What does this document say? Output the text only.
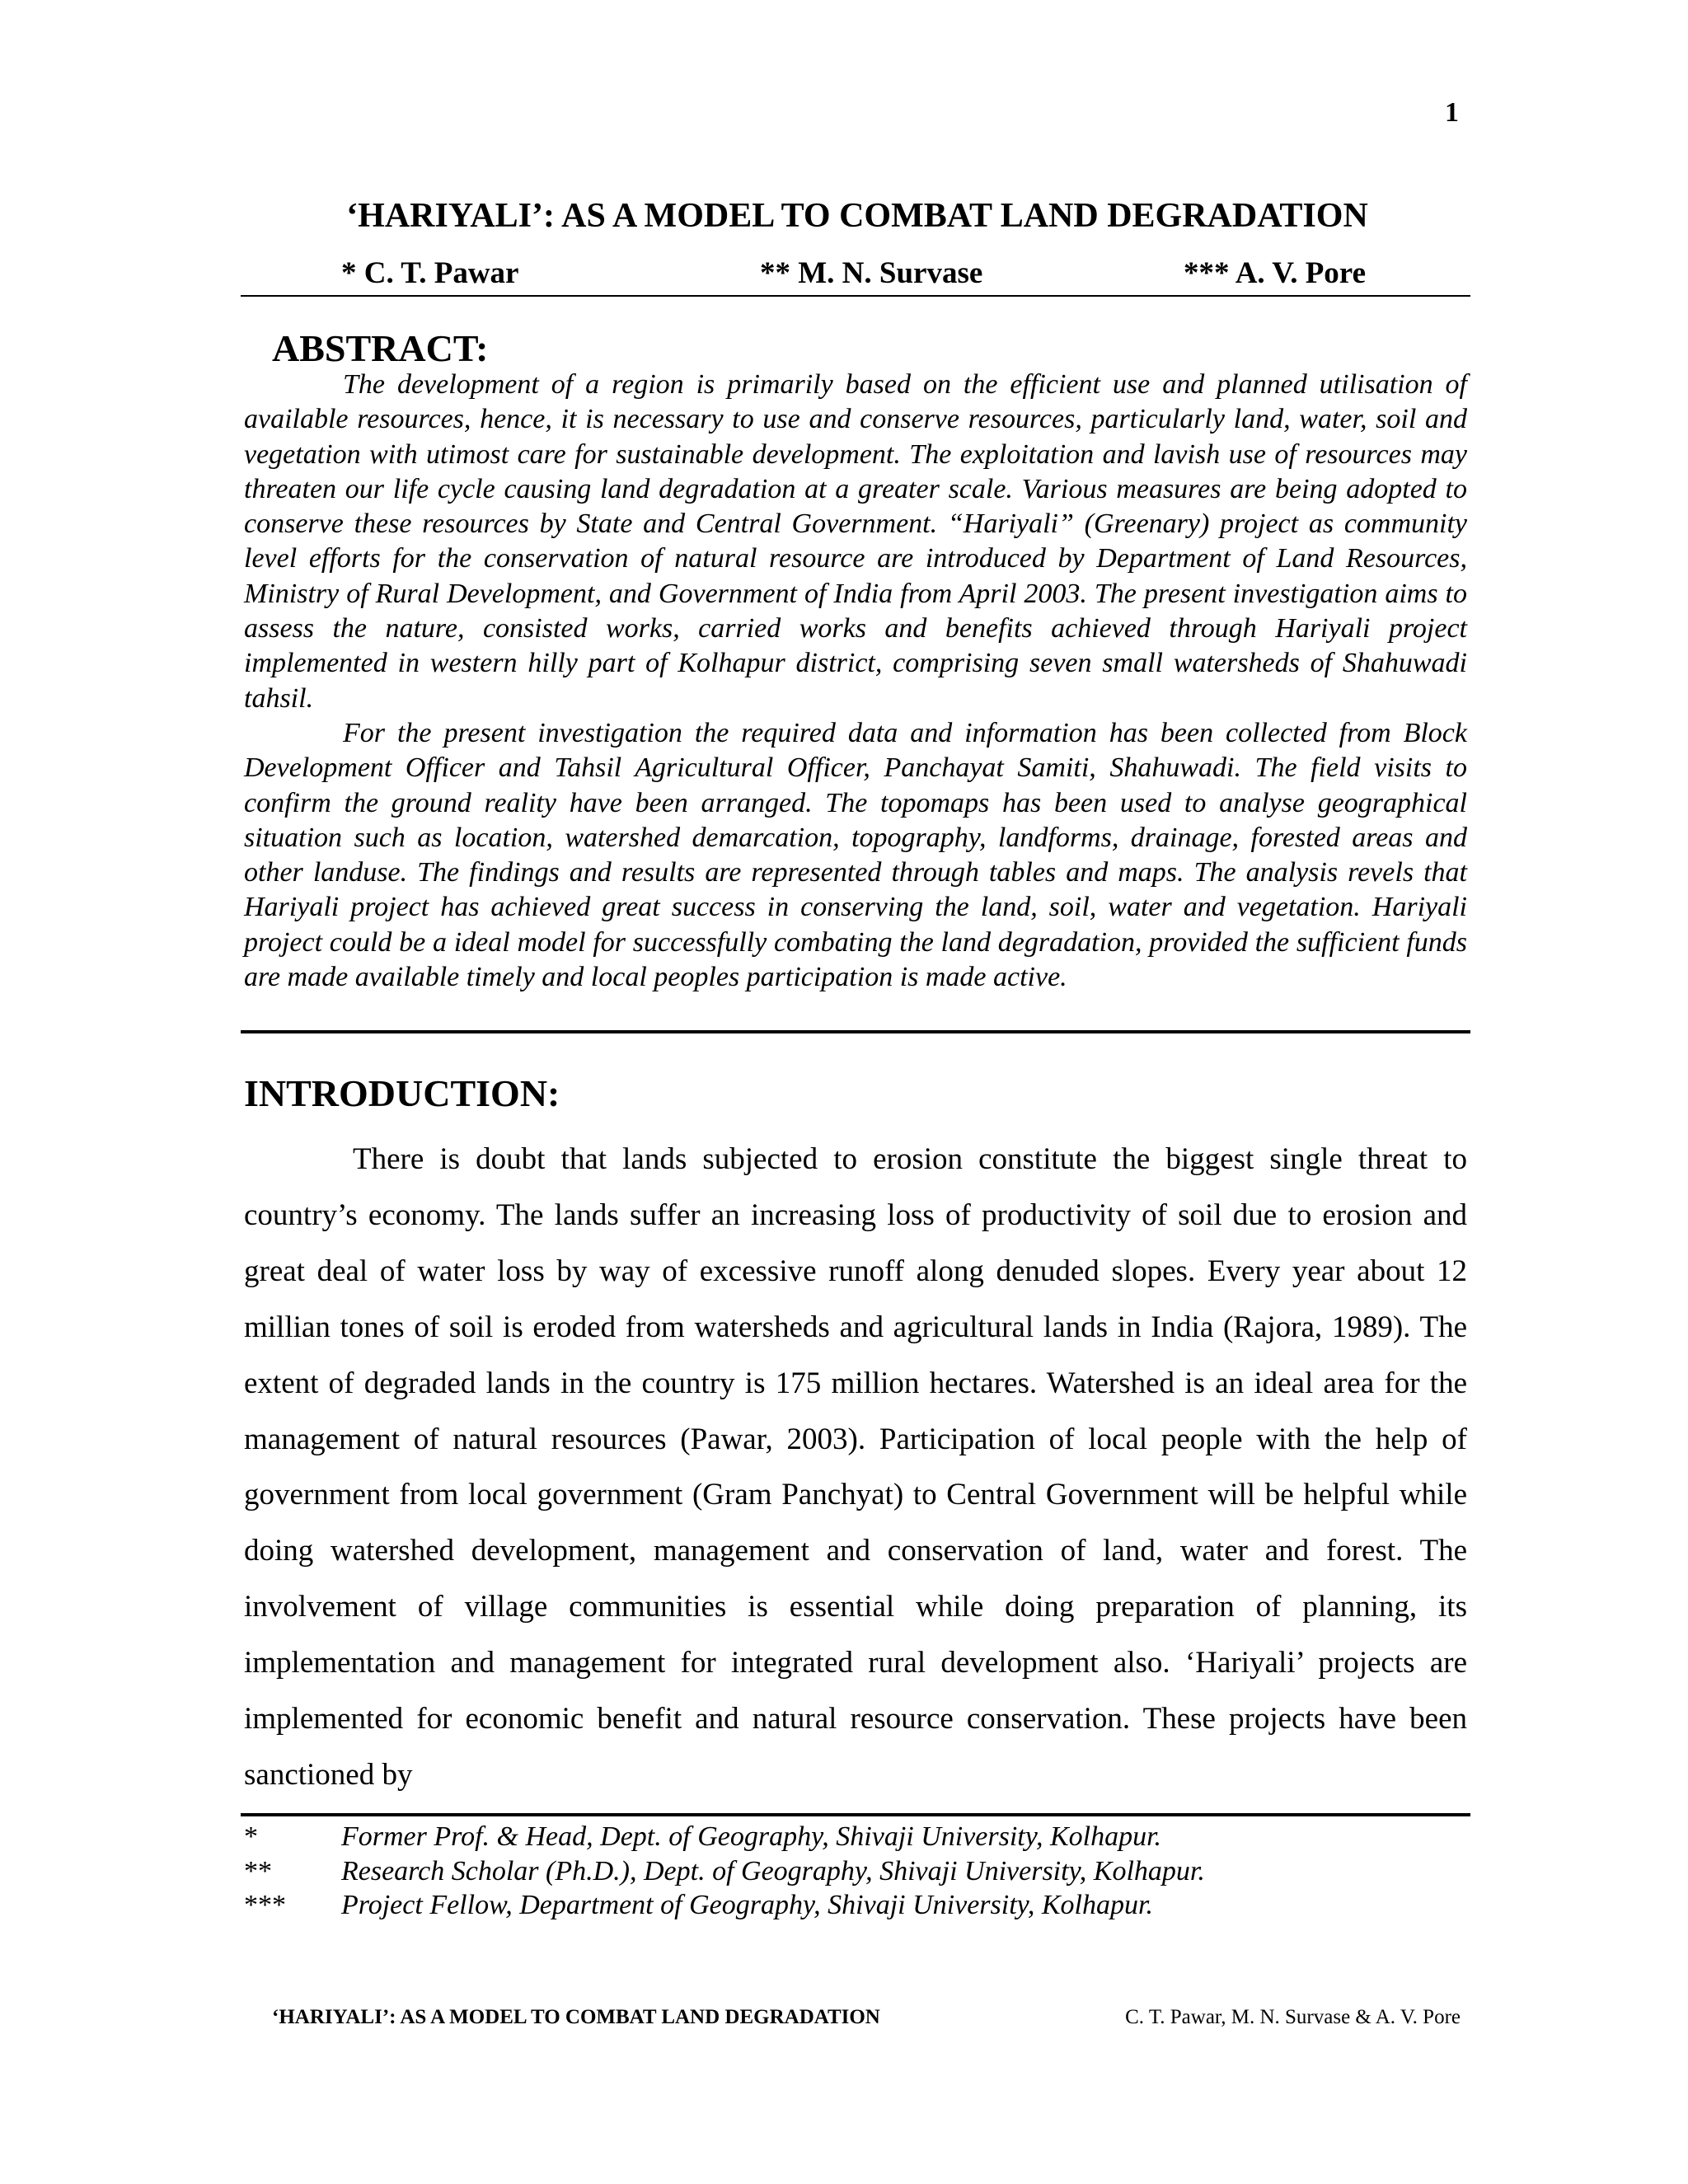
1
‘HARIYALI’: AS A MODEL TO COMBAT LAND DEGRADATION
* C. T. Pawar	** M. N. Survase	*** A. V. Pore
ABSTRACT:

The development of a region is primarily based on the efficient use and planned utilisation of available resources, hence, it is necessary to use and conserve resources, particularly land, water, soil and vegetation with utimost care for sustainable development. The exploitation and lavish use of resources may threaten our life cycle causing land degradation at a greater scale. Various measures are being adopted to conserve these resources by State and Central Government. “Hariyali” (Greenary) project as community level efforts for the conservation of natural resource are introduced by Department of Land Resources, Ministry of Rural Development, and Government of India from April 2003. The present investigation aims to assess the nature, consisted works, carried works and benefits achieved through Hariyali project implemented in western hilly part of Kolhapur district, comprising seven small watersheds of Shahuwadi tahsil.

For the present investigation the required data and information has been collected from Block Development Officer and Tahsil Agricultural Officer, Panchayat Samiti, Shahuwadi. The field visits to confirm the ground reality have been arranged. The topomaps has been used to analyse geographical situation such as location, watershed demarcation, topography, landforms, drainage, forested areas and other landuse. The findings and results are represented through tables and maps. The analysis revels that Hariyali project has achieved great success in conserving the land, soil, water and vegetation. Hariyali project could be a ideal model for successfully combating the land degradation, provided the sufficient funds are made available timely and local peoples participation is made active.

INTRODUCTION:

There is doubt that lands subjected to erosion constitute the biggest single threat to country’s economy. The lands suffer an increasing loss of productivity of soil due to erosion and great deal of water loss by way of excessive runoff along denuded slopes. Every year about 12 millian tones of soil is eroded from watersheds and agricultural lands in India (Rajora, 1989). The extent of degraded lands in the country is 175 million hectares. Watershed is an ideal area for the management of natural resources (Pawar, 2003). Participation of local people with the help of government from local government (Gram Panchyat) to Central Government will be helpful while doing watershed development, management and conservation of land, water and forest. The involvement of village communities is essential while doing preparation of planning, its implementation and management for integrated rural development also. ‘Hariyali’ projects are implemented for economic benefit and natural resource conservation. These projects have been sanctioned by

*	Former Prof. & Head, Dept. of Geography, Shivaji University, Kolhapur.
**	Research Scholar (Ph.D.), Dept. of Geography, Shivaji University, Kolhapur.
***	Project Fellow, Department of Geography, Shivaji University, Kolhapur.
‘HARIYALI’: AS A MODEL TO COMBAT LAND DEGRADATION	C. T. Pawar, M. N. Survase & A. V. Pore
